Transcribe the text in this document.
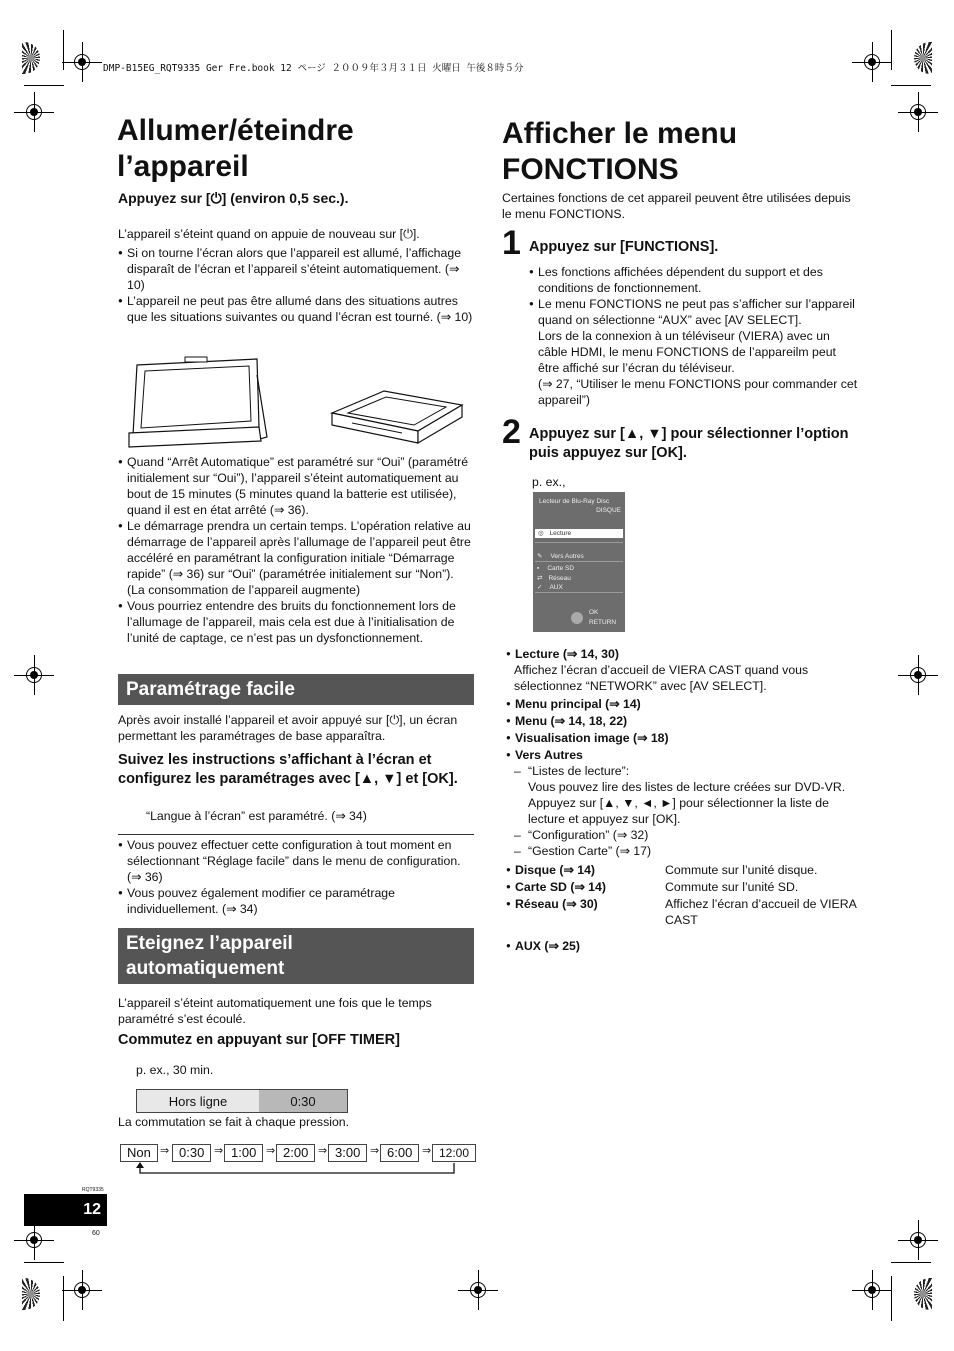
DMP-B15EG_RQT9335 Ger Fre.book 12 ページ ２００９年３月３１日 火曜日 午後８時５分
Allumer/éteindre
l’appareil
Appuyez sur [⏻] (environ 0,5 sec.).
L’appareil s’éteint quand on appuie de nouveau sur [⏻].
● Si on tourne l’écran alors que l’appareil est allumé, l’affichage disparaît de l’écran et l’appareil s’éteint automatiquement. (⇒ 10)
● L’appareil ne peut pas être allumé dans des situations autres que les situations suivantes ou quand l’écran est tourné. (⇒ 10)
● Quand “Arrêt Automatique” est paramétré sur “Oui” (paramétré initialement sur “Oui”), l’appareil s’éteint automatiquement au bout de 15 minutes (5 minutes quand la batterie est utilisée), quand il est en état arrêté (⇒ 36).
● Le démarrage prendra un certain temps. L’opération relative au démarrage de l’appareil après l’allumage de l’appareil peut être accéléré en paramétrant la configuration initiale “Démarrage rapide” (⇒ 36) sur “Oui” (paramétrée initialement sur “Non”). (La consommation de l’appareil augmente)
● Vous pourriez entendre des bruits du fonctionnement lors de l’allumage de l’appareil, mais cela est due à l’initialisation de l’unité de captage, ce n’est pas un dysfonctionnement.
Paramétrage facile
Après avoir installé l’appareil et avoir appuyé sur [⏻], un écran permettant les paramétrages de base apparaîtra.
Suivez les instructions s’affichant à l’écran et configurez les paramétrages avec [▲, ▼] et [OK].
“Langue à l’écran” est paramétré. (⇒ 34)
● Vous pouvez effectuer cette configuration à tout moment en sélectionnant “Réglage facile” dans le menu de configuration. (⇒ 36)
● Vous pouvez également modifier ce paramétrage individuellement. (⇒ 34)
Eteignez l’appareil
automatiquement
L’appareil s’éteint automatiquement une fois que le temps paramétré s’est écoulé.
Commutez en appuyant sur [OFF TIMER]
p. ex., 30 min.
Hors ligne	0:30
La commutation se fait à chaque pression.
Non ⇒ 0:30 ⇒ 1:00 ⇒ 2:00 ⇒ 3:00 ⇒ 6:00 ⇒ 12:00
Afficher le menu
FONCTIONS
Certaines fonctions de cet appareil peuvent être utilisées depuis le menu FONCTIONS.
1 Appuyez sur [FUNCTIONS].
● Les fonctions affichées dépendent du support et des conditions de fonctionnement.
● Le menu FONCTIONS ne peut pas s’afficher sur l’appareil quand on sélectionne “AUX” avec [AV SELECT].
Lors de la connexion à un téléviseur (VIERA) avec un câble HDMI, le menu FONCTIONS de l’appareilm peut être affiché sur l’écran du téléviseur.
(⇒ 27, “Utiliser le menu FONCTIONS pour commander cet appareil”)
2 Appuyez sur [▲, ▼] pour sélectionner l’option puis appuyez sur [OK].
p. ex.,
Lecteur de Blu-Ray Disc
DISQUE
◎ Lecture
✎ Vers Autres
▪ Carte SD
⇄ Réseau
✓ AUX
OK
RETURN
● Lecture (⇒ 14, 30)
Affichez l’écran d’accueil de VIERA CAST quand vous sélectionnez “NETWORK” avec [AV SELECT].
● Menu principal (⇒ 14)
● Menu (⇒ 14, 18, 22)
● Visualisation image (⇒ 18)
● Vers Autres
– “Listes de lecture”:
Vous pouvez lire des listes de lecture créées sur DVD-VR. Appuyez sur [▲, ▼, ◄, ►] pour sélectionner la liste de lecture et appuyez sur [OK].
– “Configuration” (⇒ 32)
– “Gestion Carte” (⇒ 17)
● Disque (⇒ 14)	Commute sur l’unité disque.
● Carte SD (⇒ 14)	Commute sur l’unité SD.
● Réseau (⇒ 30)	Affichez l’écran d’accueil de VIERA CAST
● AUX (⇒ 25)
RQT9335
12
60
